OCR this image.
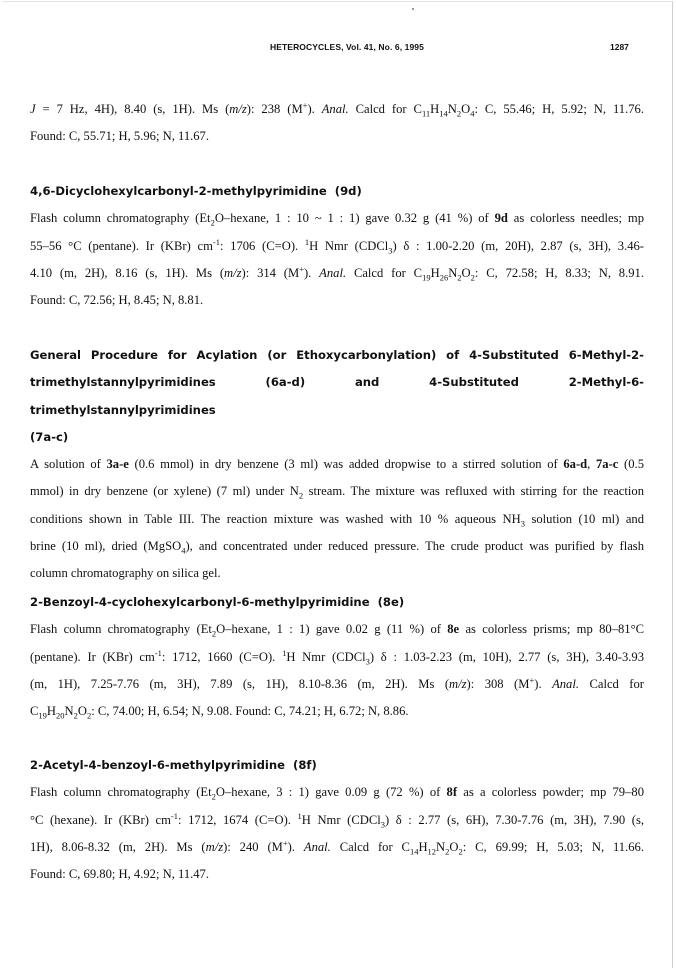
HETEROCYCLES, Vol. 41, No. 6, 1995	1287
J = 7 Hz, 4H), 8.40 (s, 1H). Ms (m/z): 238 (M+). Anal. Calcd for $C_{11}H_{14}N_2O_4$: C, 55.46; H, 5.92; N, 11.76.
Found: C, 55.71; H, 5.96; N, 11.67.
4,6-Dicyclohexylcarbonyl-2-methylpyrimidine  (9d)
Flash column chromatography ($Et_2O$–hexane, 1 : 10 ~ 1 : 1) gave 0.32 g (41 %) of 9d as colorless needles; mp
55–56 °C (pentane). Ir (KBr) $cm^{-1}$: 1706 (C=O). $^1$H Nmr (CDCl$_3$) δ : 1.00-2.20 (m, 20H), 2.87 (s, 3H), 3.46-
4.10 (m, 2H), 8.16 (s, 1H). Ms (m/z): 314 (M+). Anal. Calcd for $C_{19}H_{26}N_2O_2$: C, 72.58; H, 8.33; N, 8.91.
Found: C, 72.56; H, 8.45; N, 8.81.
General Procedure for Acylation (or Ethoxycarbonylation) of 4-Substituted 6-Methyl-2-
trimethylstannylpyrimidines (6a-d) and 4-Substituted 2-Methyl-6-trimethylstannylpyrimidines
(7a-c)
A solution of 3a-e (0.6 mmol) in dry benzene (3 ml) was added dropwise to a stirred solution of 6a-d, 7a-c (0.5
mmol) in dry benzene (or xylene) (7 ml) under $N_2$ stream. The mixture was refluxed with stirring for the reaction
conditions shown in Table III. The reaction mixture was washed with 10 % aqueous $NH_3$ solution (10 ml) and
brine (10 ml), dried (MgSO$_4$), and concentrated under reduced pressure. The crude product was purified by flash
column chromatography on silica gel.
2-Benzoyl-4-cyclohexylcarbonyl-6-methylpyrimidine  (8e)
Flash column chromatography ($Et_2O$–hexane, 1 : 1) gave 0.02 g (11 %) of 8e as colorless prisms; mp 80–81°C
(pentane). Ir (KBr) $cm^{-1}$: 1712, 1660 (C=O). $^1$H Nmr (CDCl$_3$) δ : 1.03-2.23 (m, 10H), 2.77 (s, 3H), 3.40-3.93
(m, 1H), 7.25-7.76 (m, 3H), 7.89 (s, 1H), 8.10-8.36 (m, 2H). Ms (m/z): 308 (M+). Anal. Calcd for
$C_{19}H_{20}N_2O_2$: C, 74.00; H, 6.54; N, 9.08. Found: C, 74.21; H, 6.72; N, 8.86.
2-Acetyl-4-benzoyl-6-methylpyrimidine  (8f)
Flash column chromatography ($Et_2O$–hexane, 3 : 1) gave 0.09 g (72 %) of 8f as a colorless powder; mp 79–80
°C (hexane). Ir (KBr) $cm^{-1}$: 1712, 1674 (C=O). $^1$H Nmr (CDCl$_3$) δ : 2.77 (s, 6H), 7.30-7.76 (m, 3H), 7.90 (s,
1H), 8.06-8.32 (m, 2H). Ms (m/z): 240 (M+). Anal. Calcd for $C_{14}H_{12}N_2O_2$: C, 69.99; H, 5.03; N, 11.66.
Found: C, 69.80; H, 4.92; N, 11.47.
